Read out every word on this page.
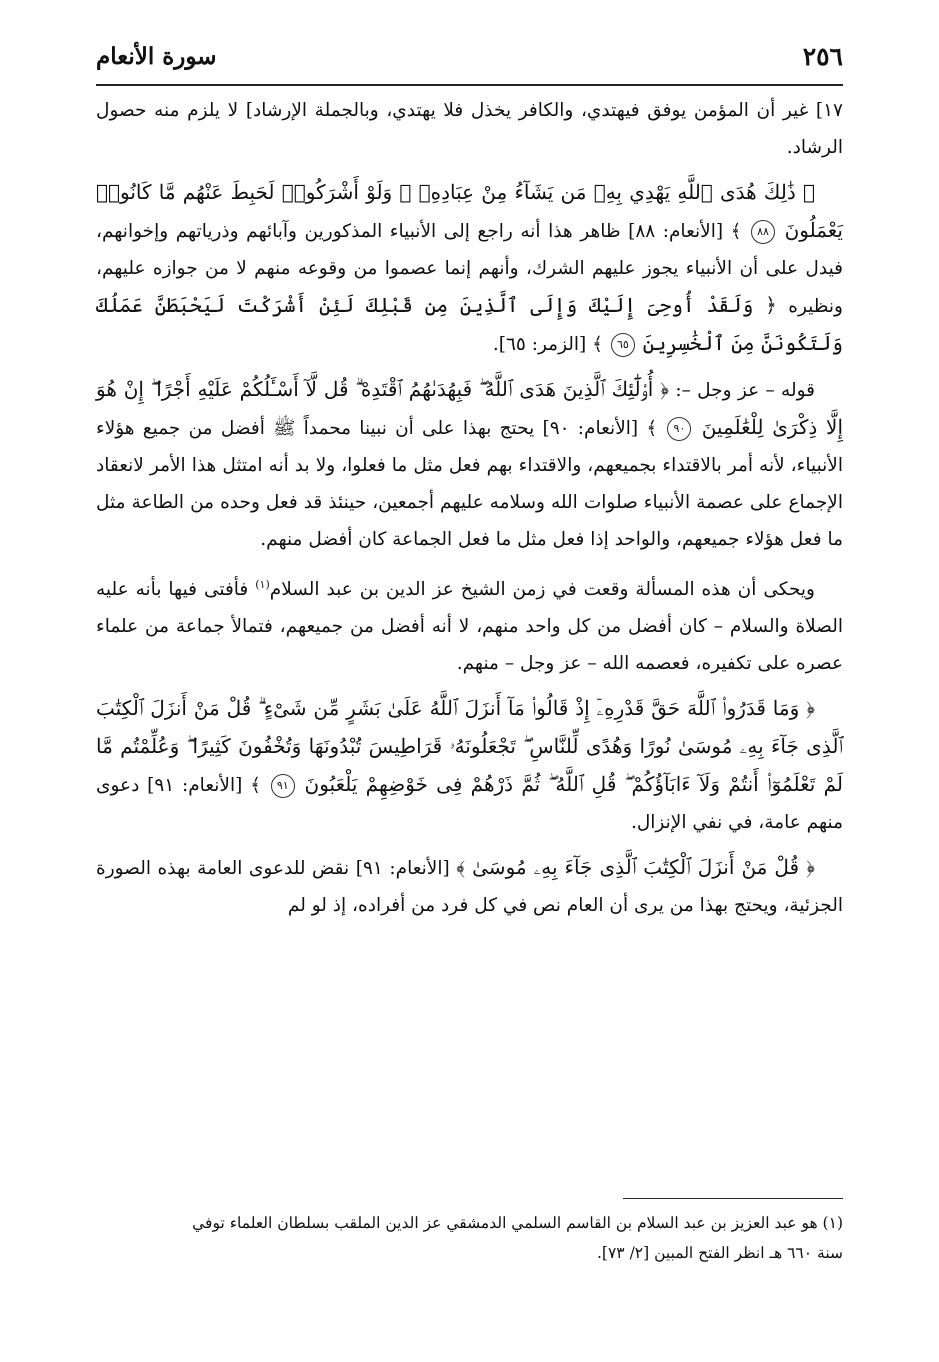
٢٥٦
سورة الأنعام

١٧] غير أن المؤمن يوفق فيهتدي، والكافر يخذل فلا يهتدي، وبالجملة الإرشاد] لا يلزم منه حصول الرشاد.

﴿ ذَٰلِكَ هُدَى ٱللَّهِ يَهْدِي بِهِۦ مَن يَشَآءُ مِنْ عِبَادِهِۦ ۚ وَلَوْ أَشْرَكُوا۟ لَحَبِطَ عَنْهُم مَّا كَانُوا۟ يَعْمَلُونَ ٨٨ ﴾ [الأنعام: ٨٨] ظاهر هذا أنه راجع إلى الأنبياء المذكورين وآبائهم وذرياتهم وإخوانهم، فيدل على أن الأنبياء يجوز عليهم الشرك، وأنهم إنما عصموا من وقوعه منهم لا من جوازه عليهم، ونظيره ﴿ وَلَقَدْ أُوحِىَ إِلَيْكَ وَإِلَى ٱلَّذِينَ مِن قَبْلِكَ لَئِنْ أَشْرَكْتَ لَيَحْبَطَنَّ عَمَلُكَ وَلَتَكُونَنَّ مِنَ ٱلْخَٰسِرِينَ ٦٥ ﴾ [الزمر: ٦٥].

قوله – عز وجل –: ﴿ أُو۟لَٰٓئِكَ ٱلَّذِينَ هَدَى ٱللَّهُ ۖ فَبِهُدَىٰهُمُ ٱقْتَدِهْ ۗ قُل لَّآ أَسْـَٔلُكُمْ عَلَيْهِ أَجْرًا ۖ إِنْ هُوَ إِلَّا ذِكْرَىٰ لِلْعَٰلَمِينَ ٩٠ ﴾ [الأنعام: ٩٠] يحتج بهذا على أن نبينا محمداً ﷺ أفضل من جميع هؤلاء الأنبياء، لأنه أمر بالاقتداء بجميعهم، والاقتداء بهم فعل مثل ما فعلوا، ولا بد أنه امتثل هذا الأمر لانعقاد الإجماع على عصمة الأنبياء صلوات الله وسلامه عليهم أجمعين، حينئذ قد فعل وحده من الطاعة مثل ما فعل هؤلاء جميعهم، والواحد إذا فعل مثل ما فعل الجماعة كان أفضل منهم.

ويحكى أن هذه المسألة وقعت في زمن الشيخ عز الدين بن عبد السلام$^{(١)}$ فأفتى فيها بأنه عليه الصلاة والسلام – كان أفضل من كل واحد منهم، لا أنه أفضل من جميعهم، فتمالأ جماعة من علماء عصره على تكفيره، فعصمه الله – عز وجل – منهم.

﴿ وَمَا قَدَرُوا۟ ٱللَّهَ حَقَّ قَدْرِهِۦٓ إِذْ قَالُوا۟ مَآ أَنزَلَ ٱللَّهُ عَلَىٰ بَشَرٍ مِّن شَىْءٍ ۗ قُلْ مَنْ أَنزَلَ ٱلْكِتَٰبَ ٱلَّذِى جَآءَ بِهِۦ مُوسَىٰ نُورًا وَهُدًى لِّلنَّاسِ ۖ تَجْعَلُونَهُۥ قَرَاطِيسَ تُبْدُونَهَا وَتُخْفُونَ كَثِيرًا ۖ وَعُلِّمْتُم مَّا لَمْ تَعْلَمُوٓا۟ أَنتُمْ وَلَآ ءَابَآؤُكُمْ ۖ قُلِ ٱللَّهُ ۖ ثُمَّ ذَرْهُمْ فِى خَوْضِهِمْ يَلْعَبُونَ ٩١ ﴾ [الأنعام: ٩١] دعوى منهم عامة، في نفي الإنزال.

﴿ قُلْ مَنْ أَنزَلَ ٱلْكِتَٰبَ ٱلَّذِى جَآءَ بِهِۦ مُوسَىٰ ﴾ [الأنعام: ٩١] نقض للدعوى العامة بهذه الصورة الجزئية، ويحتج بهذا من يرى أن العام نص في كل فرد من أفراده، إذ لو لم

(١) هو عبد العزيز بن عبد السلام بن القاسم السلمي الدمشقي عز الدين الملقب بسلطان العلماء توفي
سنة ٦٦٠ هـ انظر الفتح المبين [٢/ ٧٣].
